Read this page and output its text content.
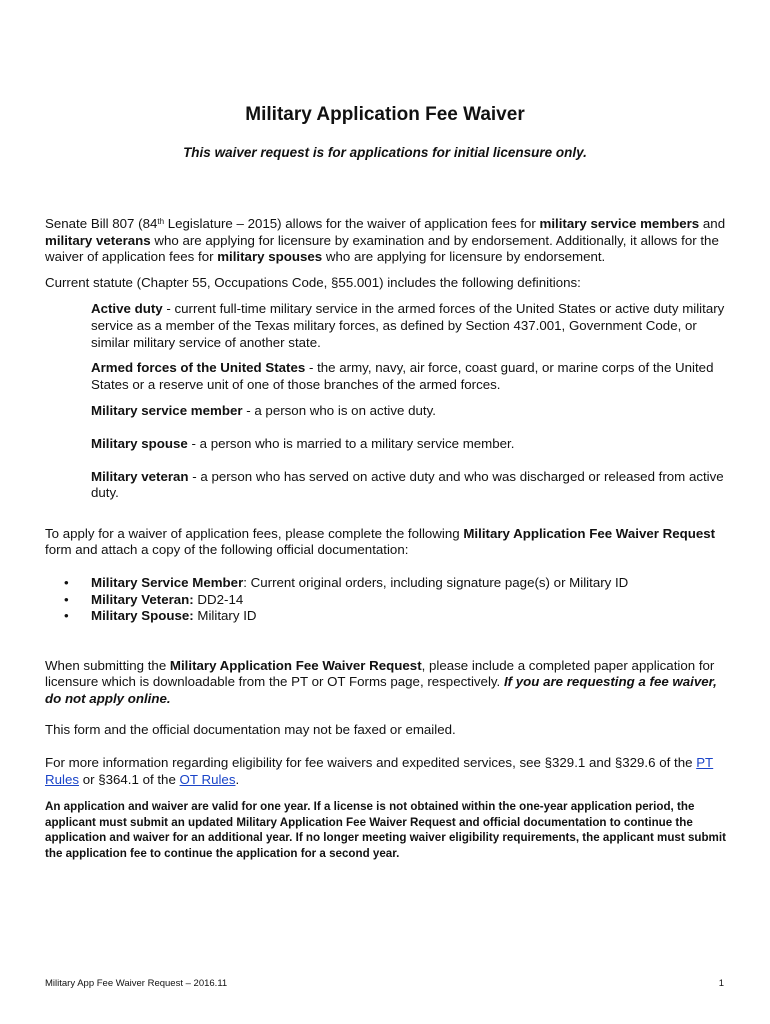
Military Application Fee Waiver

This waiver request is for applications for initial licensure only.

Senate Bill 807 (84th Legislature – 2015) allows for the waiver of application fees for military service members and military veterans who are applying for licensure by examination and by endorsement. Additionally, it allows for the waiver of application fees for military spouses who are applying for licensure by endorsement.

Current statute (Chapter 55, Occupations Code, §55.001) includes the following definitions:

Active duty - current full-time military service in the armed forces of the United States or active duty military service as a member of the Texas military forces, as defined by Section 437.001, Government Code, or similar military service of another state.

Armed forces of the United States - the army, navy, air force, coast guard, or marine corps of the United States or a reserve unit of one of those branches of the armed forces.

Military service member - a person who is on active duty.

Military spouse - a person who is married to a military service member.

Military veteran - a person who has served on active duty and who was discharged or released from active duty.

To apply for a waiver of application fees, please complete the following Military Application Fee Waiver Request form and attach a copy of the following official documentation:

• Military Service Member: Current original orders, including signature page(s) or Military ID
• Military Veteran: DD2-14
• Military Spouse: Military ID

When submitting the Military Application Fee Waiver Request, please include a completed paper application for licensure which is downloadable from the PT or OT Forms page, respectively. If you are requesting a fee waiver, do not apply online.

This form and the official documentation may not be faxed or emailed.

For more information regarding eligibility for fee waivers and expedited services, see §329.1 and §329.6 of the PT Rules or §364.1 of the OT Rules.

An application and waiver are valid for one year. If a license is not obtained within the one-year application period, the applicant must submit an updated Military Application Fee Waiver Request and official documentation to continue the application and waiver for an additional year. If no longer meeting waiver eligibility requirements, the applicant must submit the application fee to continue the application for a second year.

Military App Fee Waiver Request – 2016.11	1
